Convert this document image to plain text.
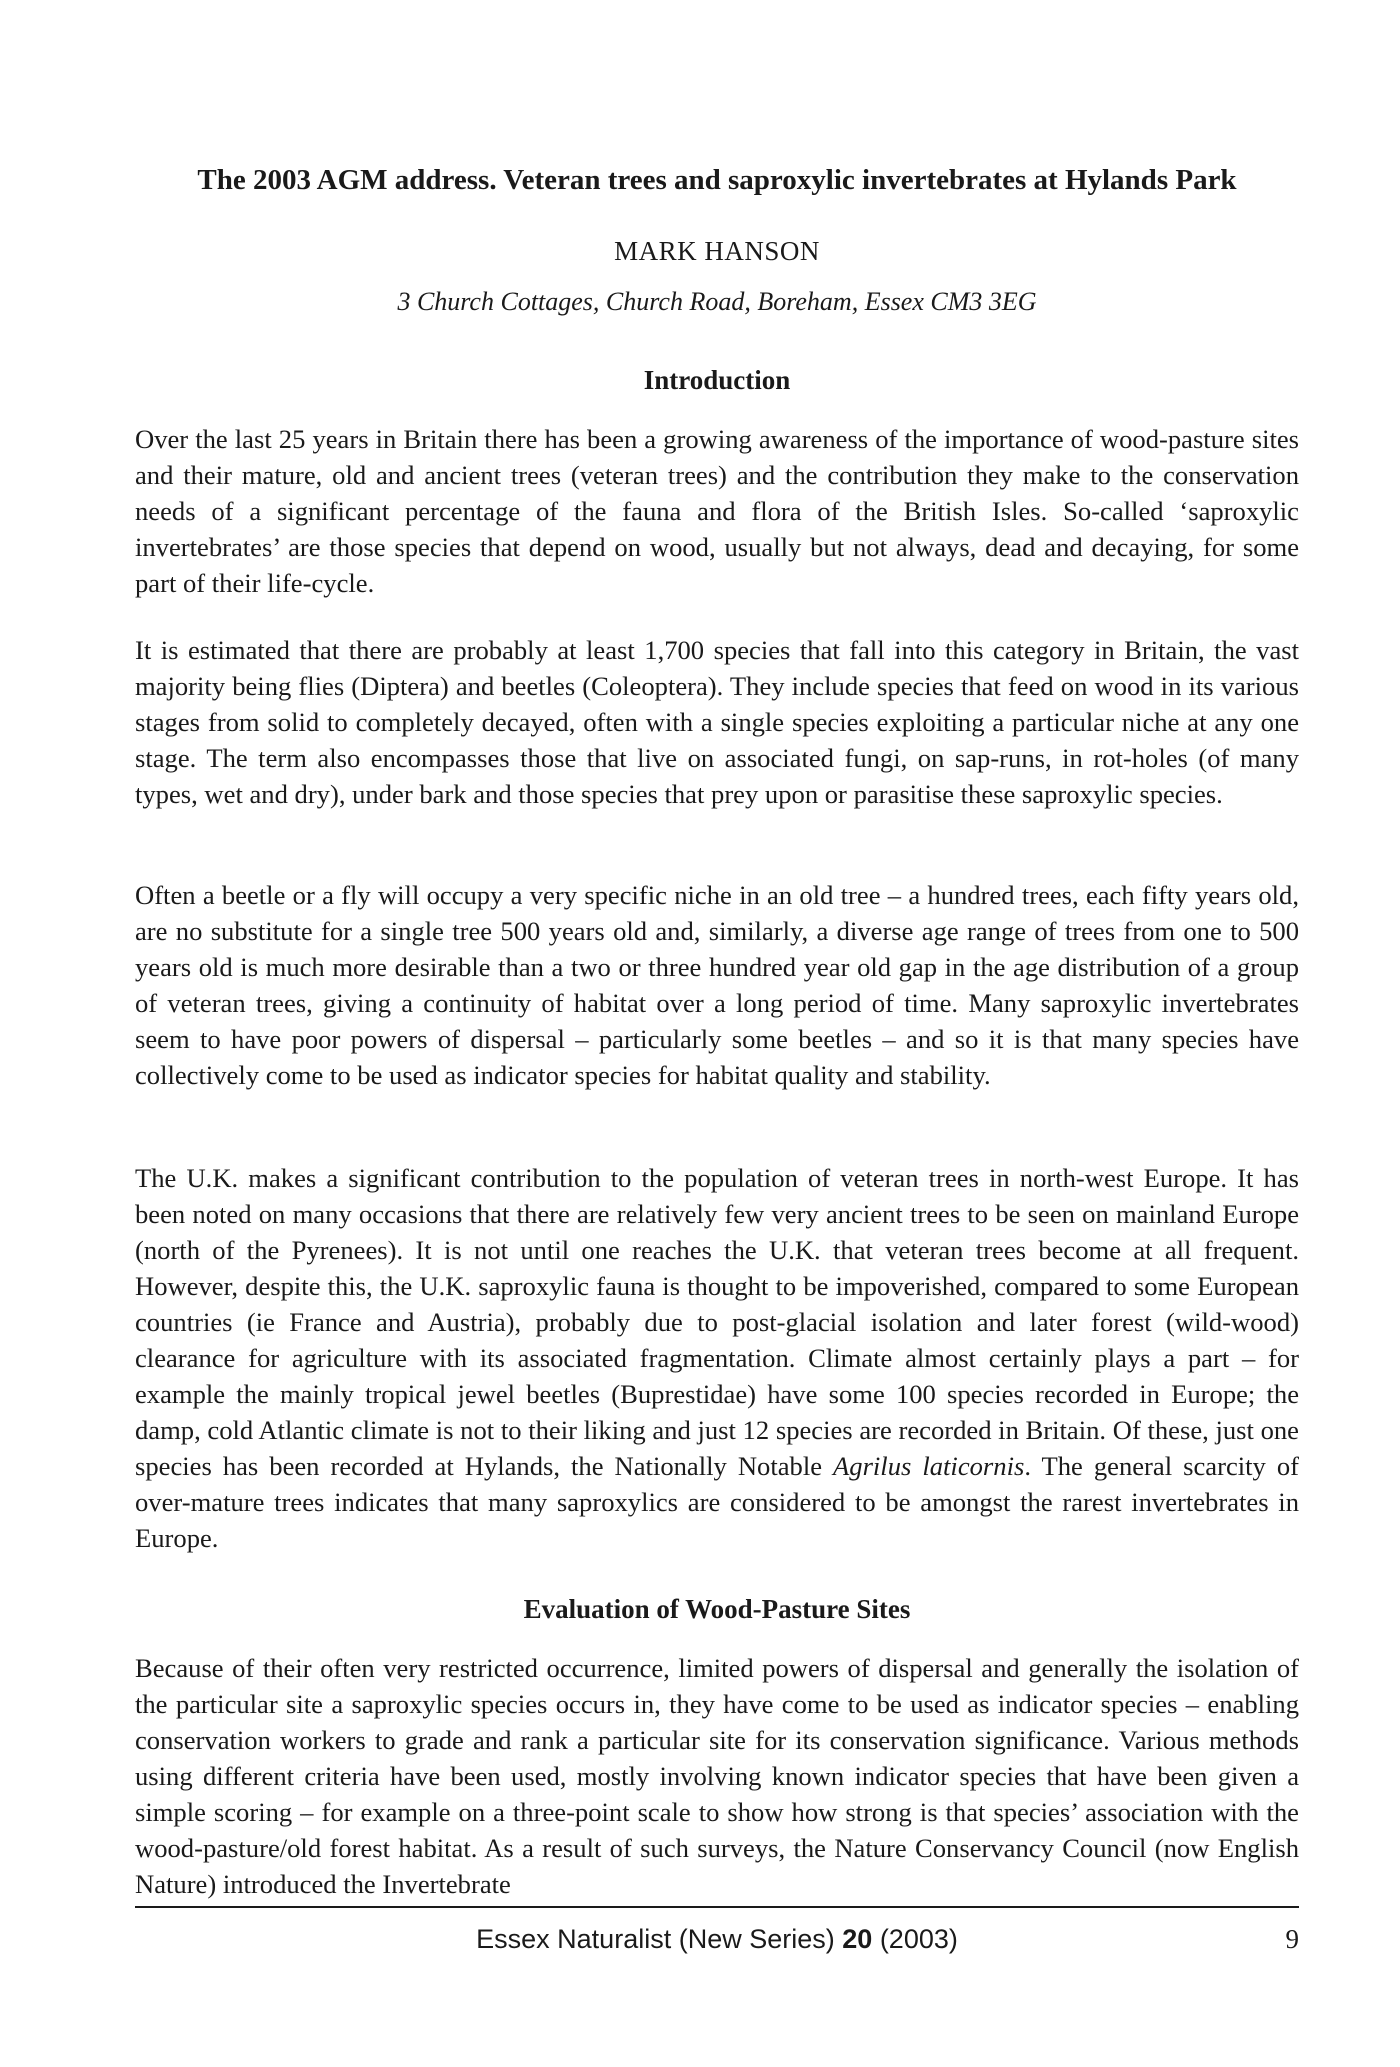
The 2003 AGM address. Veteran trees and saproxylic invertebrates at Hylands Park
MARK HANSON
3 Church Cottages, Church Road, Boreham, Essex CM3 3EG
Introduction

Over the last 25 years in Britain there has been a growing awareness of the importance of wood-pasture sites and their mature, old and ancient trees (veteran trees) and the contribution they make to the conservation needs of a significant percentage of the fauna and flora of the British Isles. So-called ‘saproxylic invertebrates’ are those species that depend on wood, usually but not always, dead and decaying, for some part of their life-cycle.

It is estimated that there are probably at least 1,700 species that fall into this category in Britain, the vast majority being flies (Diptera) and beetles (Coleoptera). They include species that feed on wood in its various stages from solid to completely decayed, often with a single species exploiting a particular niche at any one stage. The term also encompasses those that live on associated fungi, on sap-runs, in rot-holes (of many types, wet and dry), under bark and those species that prey upon or parasitise these saproxylic species.

Often a beetle or a fly will occupy a very specific niche in an old tree – a hundred trees, each fifty years old, are no substitute for a single tree 500 years old and, similarly, a diverse age range of trees from one to 500 years old is much more desirable than a two or three hundred year old gap in the age distribution of a group of veteran trees, giving a continuity of habitat over a long period of time. Many saproxylic invertebrates seem to have poor powers of dispersal – particularly some beetles – and so it is that many species have collectively come to be used as indicator species for habitat quality and stability.

The U.K. makes a significant contribution to the population of veteran trees in north-west Europe. It has been noted on many occasions that there are relatively few very ancient trees to be seen on mainland Europe (north of the Pyrenees). It is not until one reaches the U.K. that veteran trees become at all frequent. However, despite this, the U.K. saproxylic fauna is thought to be impoverished, compared to some European countries (ie France and Austria), probably due to post-glacial isolation and later forest (wild-wood) clearance for agriculture with its associated fragmentation. Climate almost certainly plays a part – for example the mainly tropical jewel beetles (Buprestidae) have some 100 species recorded in Europe; the damp, cold Atlantic climate is not to their liking and just 12 species are recorded in Britain. Of these, just one species has been recorded at Hylands, the Nationally Notable Agrilus laticornis. The general scarcity of over-mature trees indicates that many saproxylics are considered to be amongst the rarest invertebrates in Europe.

Evaluation of Wood-Pasture Sites

Because of their often very restricted occurrence, limited powers of dispersal and generally the isolation of the particular site a saproxylic species occurs in, they have come to be used as indicator species – enabling conservation workers to grade and rank a particular site for its conservation significance. Various methods using different criteria have been used, mostly involving known indicator species that have been given a simple scoring – for example on a three-point scale to show how strong is that species’ association with the wood-pasture/old forest habitat. As a result of such surveys, the Nature Conservancy Council (now English Nature) introduced the Invertebrate

Essex Naturalist (New Series) 20 (2003)	9
